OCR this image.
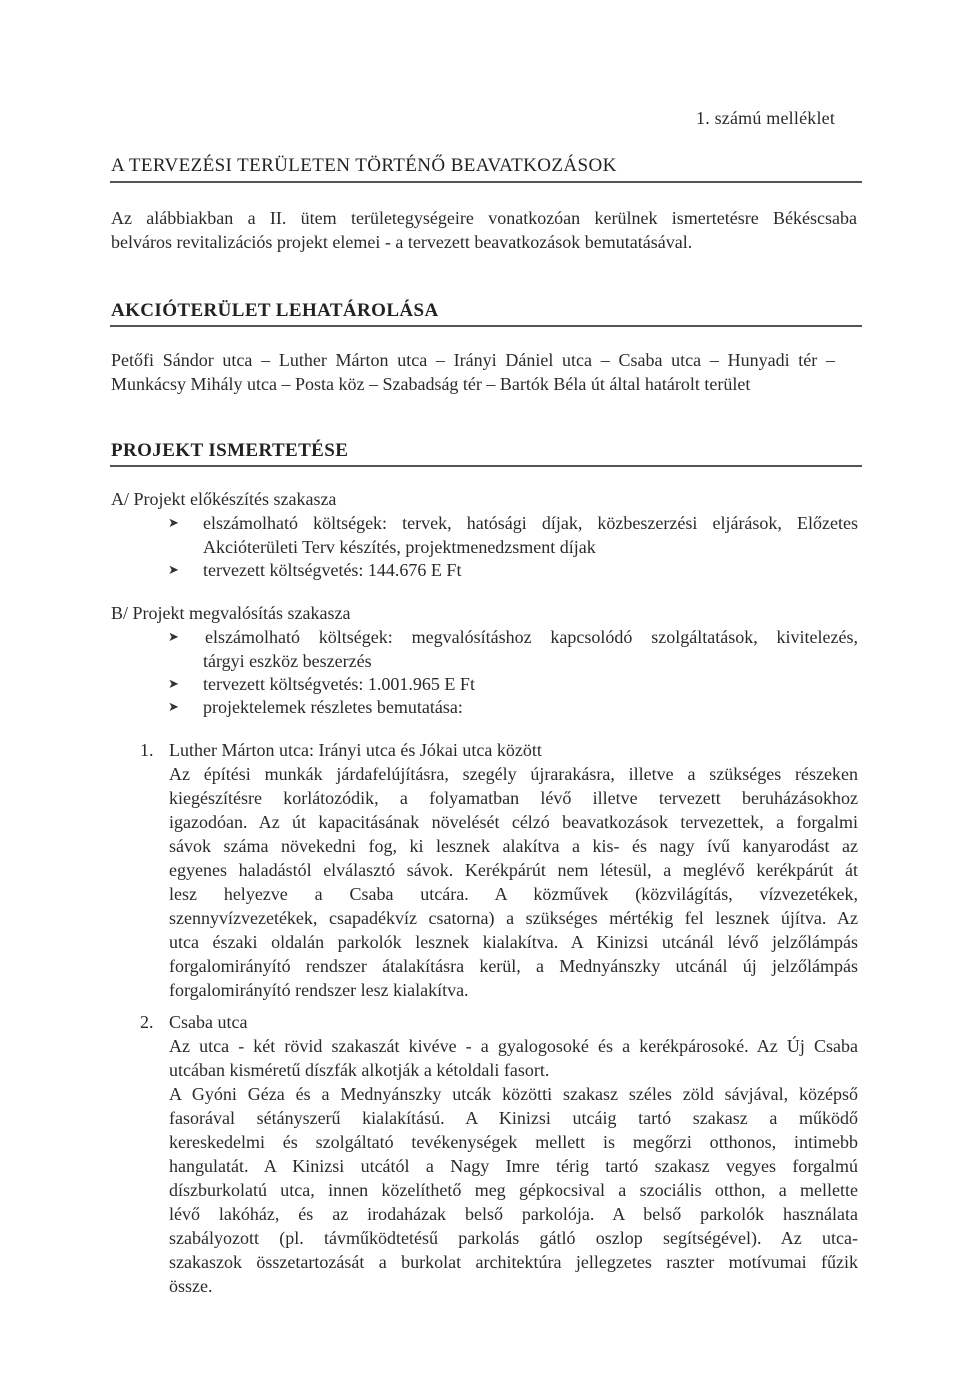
1. számú melléklet
A TERVEZÉSI TERÜLETEN TÖRTÉNŐ BEAVATKOZÁSOK
Az alábbiakban a II. ütem területegységeire vonatkozóan kerülnek ismertetésre Békéscsaba
belváros revitalizációs projekt elemei - a tervezett beavatkozások bemutatásával.
AKCIÓTERÜLET LEHATÁROLÁSA
Petőfi Sándor utca – Luther Márton utca – Irányi Dániel utca – Csaba utca – Hunyadi tér –
Munkácsy Mihály utca – Posta köz – Szabadság tér – Bartók Béla út által határolt terület
PROJEKT ISMERTETÉSE
A/ Projekt előkészítés szakasza
➤ elszámolható költségek: tervek, hatósági díjak, közbeszerzési eljárások, Előzetes
Akcióterületi Terv készítés, projektmenedzsment díjak
➤ tervezett költségvetés: 144.676 E Ft
B/ Projekt megvalósítás szakasza
➤ elszámolható költségek: megvalósításhoz kapcsolódó szolgáltatások, kivitelezés,
tárgyi eszköz beszerzés
➤ tervezett költségvetés: 1.001.965 E Ft
➤ projektelemek részletes bemutatása:
1. Luther Márton utca: Irányi utca és Jókai utca között
Az építési munkák járdafelújításra, szegély újrarakásra, illetve a szükséges részeken
kiegészítésre korlátozódik, a folyamatban lévő illetve tervezett beruházásokhoz
igazodóan. Az út kapacitásának növelését célzó beavatkozások tervezettek, a forgalmi
sávok száma növekedni fog, ki lesznek alakítva a kis- és nagy ívű kanyarodást az
egyenes haladástól elválasztó sávok. Kerékpárút nem létesül, a meglévő kerékpárút át
lesz helyezve a Csaba utcára. A közművek (közvilágítás, vízvezetékek,
szennyvízvezetékek, csapadékvíz csatorna) a szükséges mértékig fel lesznek újítva. Az
utca északi oldalán parkolók lesznek kialakítva. A Kinizsi utcánál lévő jelzőlámpás
forgalomirányító rendszer átalakításra kerül, a Mednyánszky utcánál új jelzőlámpás
forgalomirányító rendszer lesz kialakítva.
2. Csaba utca
Az utca - két rövid szakaszát kivéve - a gyalogosoké és a kerékpárosoké. Az Új Csaba
utcában kisméretű díszfák alkotják a kétoldali fasort.
A Gyóni Géza és a Mednyánszky utcák közötti szakasz széles zöld sávjával, középső
fasorával sétányszerű kialakítású. A Kinizsi utcáig tartó szakasz a működő
kereskedelmi és szolgáltató tevékenységek mellett is megőrzi otthonos, intimebb
hangulatát. A Kinizsi utcától a Nagy Imre térig tartó szakasz vegyes forgalmú
díszburkolatú utca, innen közelíthető meg gépkocsival a szociális otthon, a mellette
lévő lakóház, és az irodaházak belső parkolója. A belső parkolók használata
szabályozott (pl. távműködtetésű parkolás gátló oszlop segítségével). Az utca-
szakaszok összetartozását a burkolat architektúra jellegzetes raszter motívumai fűzik
össze.
